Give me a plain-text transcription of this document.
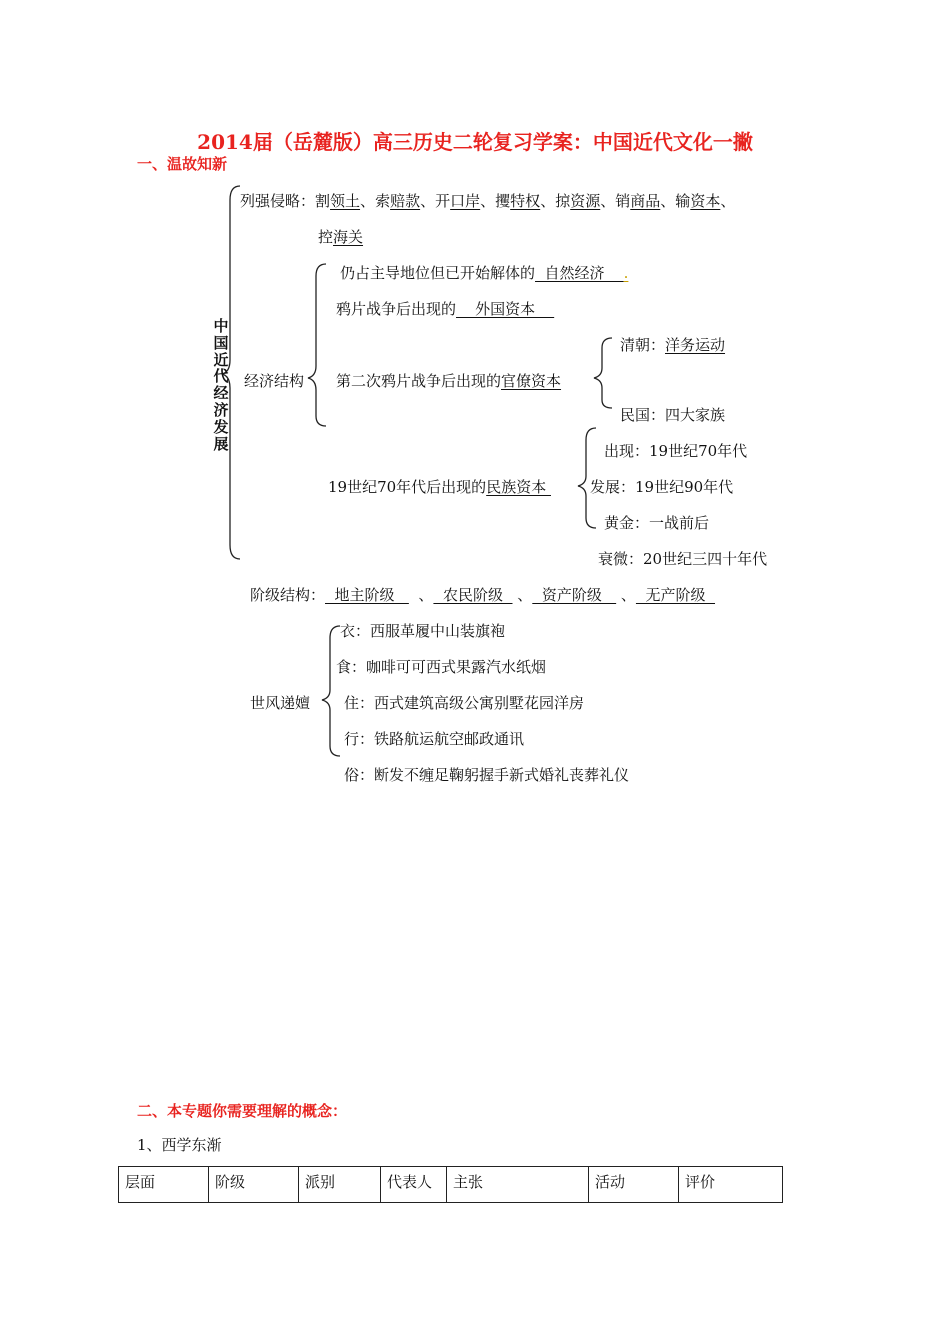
2014届（岳麓版）高三历史二轮复习学案：中国近代文化一撇
一、温故知新
中国近代经济发展
列强侵略：割领土、索赔款、开口岸、攫特权、掠资源、销商品、输资本、
控海关
仍占主导地位但已开始解体的  自然经济    .
鸦片战争后出现的    外国资本
经济结构 第二次鸦片战争后出现的官僚资本
清朝：洋务运动
民国：四大家族
出现：19世纪70年代
19世纪70年代后出现的民族资本	发展：19世纪90年代
黄金：一战前后
衰微：20世纪三四十年代
阶级结构：  地主阶级     、  农民阶级   、  资产阶级    、  无产阶级
世风递嬗
衣：西服革履中山装旗袍
食：咖啡可可西式果露汽水纸烟
住：西式建筑高级公寓别墅花园洋房
行：铁路航运航空邮政通讯
俗：断发不缠足鞠躬握手新式婚礼丧葬礼仪
二、本专题你需要理解的概念：
1、西学东渐
层面	阶级	派别	代表人	主张	活动	评价
